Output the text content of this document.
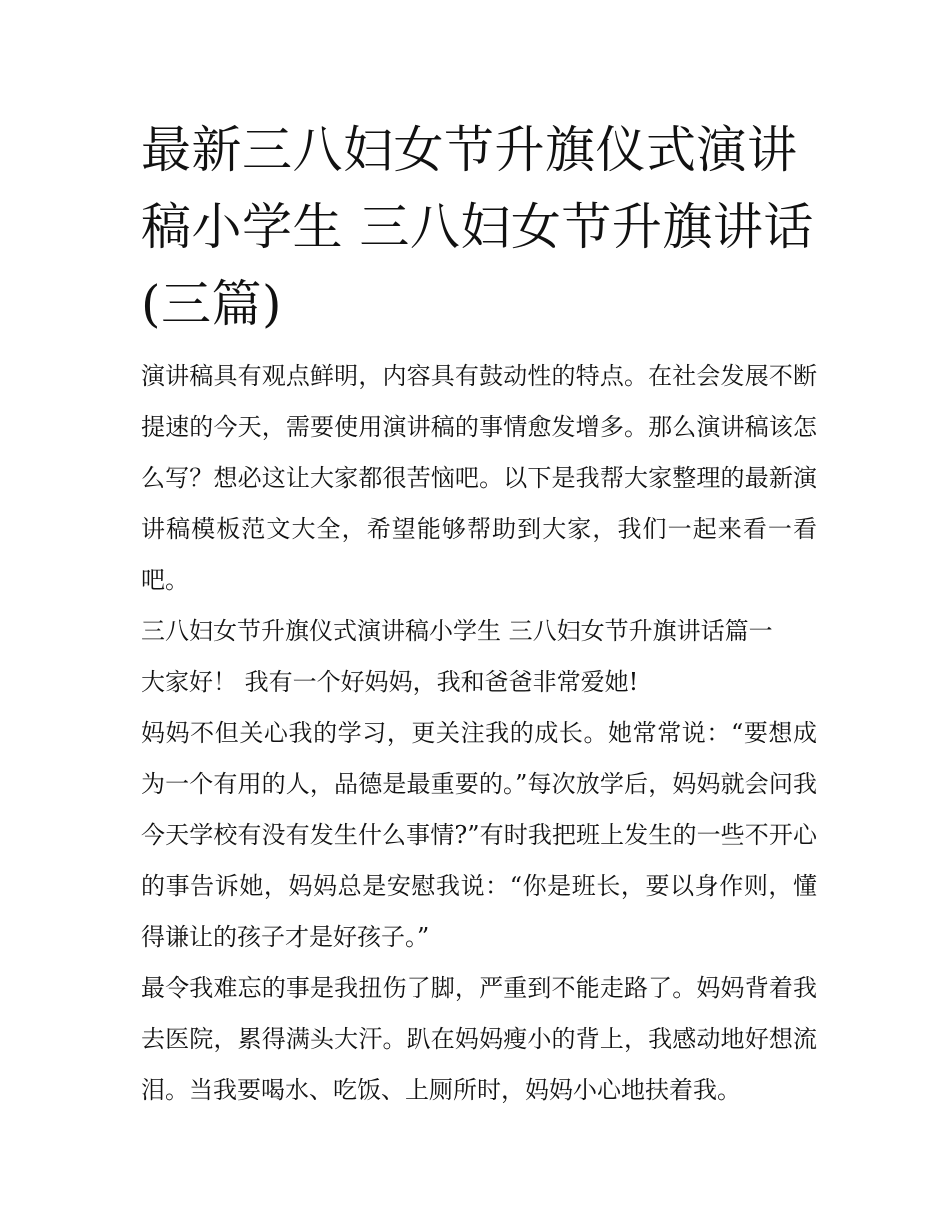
最新三八妇女节升旗仪式演讲稿小学生 三八妇女节升旗讲话(三篇)

演讲稿具有观点鲜明，内容具有鼓动性的特点。在社会发展不断提速的今天，需要使用演讲稿的事情愈发增多。那么演讲稿该怎么写？想必这让大家都很苦恼吧。以下是我帮大家整理的最新演讲稿模板范文大全，希望能够帮助到大家，我们一起来看一看吧。

三八妇女节升旗仪式演讲稿小学生 三八妇女节升旗讲话篇一

大家好！ 我有一个好妈妈，我和爸爸非常爱她!

妈妈不但关心我的学习，更关注我的成长。她常常说：“要想成为一个有用的人，品德是最重要的。”每次放学后，妈妈就会问我今天学校有没有发生什么事情?”有时我把班上发生的一些不开心的事告诉她，妈妈总是安慰我说：“你是班长，要以身作则，懂得谦让的孩子才是好孩子。”

最令我难忘的事是我扭伤了脚，严重到不能走路了。妈妈背着我去医院，累得满头大汗。趴在妈妈瘦小的背上，我感动地好想流泪。当我要喝水、吃饭、上厕所时，妈妈小心地扶着我。
